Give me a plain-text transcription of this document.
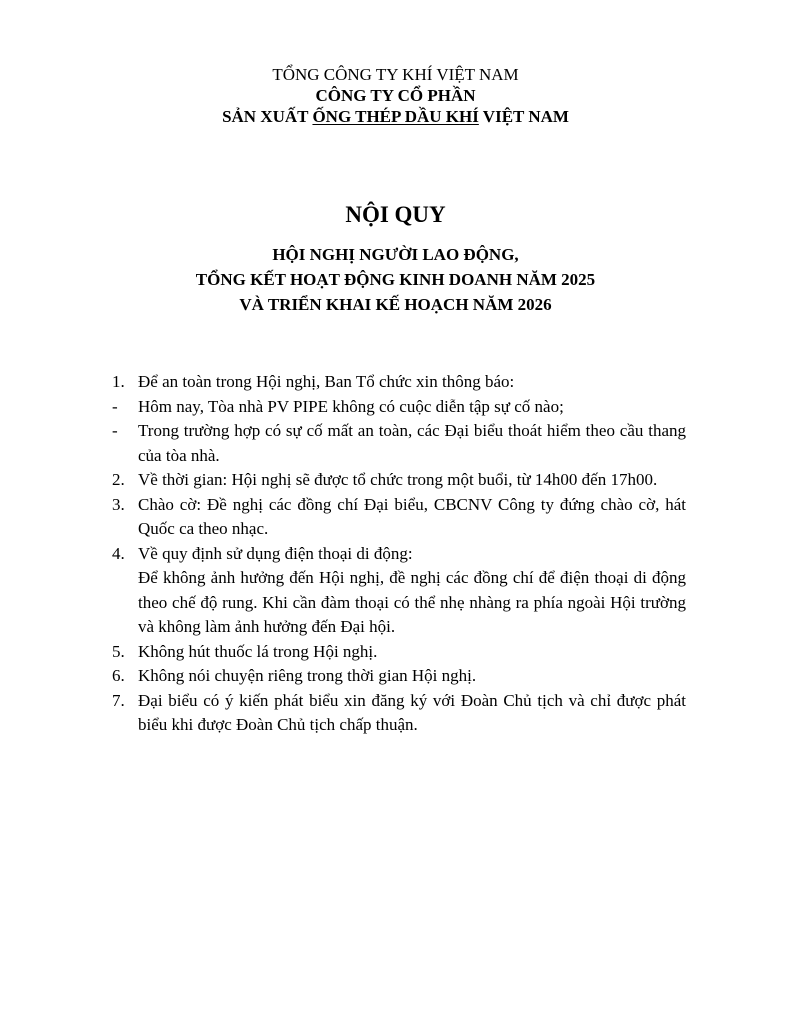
TỔNG CÔNG TY KHÍ VIỆT NAM
CÔNG TY CỔ PHẦN
SẢN XUẤT ỐNG THÉP DẦU KHÍ VIỆT NAM
NỘI QUY
HỘI NGHỊ NGƯỜI LAO ĐỘNG,
TỔNG KẾT HOẠT ĐỘNG KINH DOANH NĂM 2025
VÀ TRIỂN KHAI KẾ HOẠCH NĂM 2026
1. Để an toàn trong Hội nghị, Ban Tổ chức xin thông báo:
- Hôm nay, Tòa nhà PV PIPE không có cuộc diễn tập sự cố nào;
- Trong trường hợp có sự cố mất an toàn, các Đại biểu thoát hiểm theo cầu thang của tòa nhà.
2. Về thời gian: Hội nghị sẽ được tổ chức trong một buổi, từ 14h00 đến 17h00.
3. Chào cờ: Đề nghị các đồng chí Đại biểu, CBCNV Công ty đứng chào cờ, hát Quốc ca theo nhạc.
4. Về quy định sử dụng điện thoại di động:
Để không ảnh hưởng đến Hội nghị, đề nghị các đồng chí để điện thoại di động theo chế độ rung. Khi cần đàm thoại có thể nhẹ nhàng ra phía ngoài Hội trường và không làm ảnh hưởng đến Đại hội.
5. Không hút thuốc lá trong Hội nghị.
6. Không nói chuyện riêng trong thời gian Hội nghị.
7. Đại biểu có ý kiến phát biểu xin đăng ký với Đoàn Chủ tịch và chỉ được phát biểu khi được Đoàn Chủ tịch chấp thuận.
